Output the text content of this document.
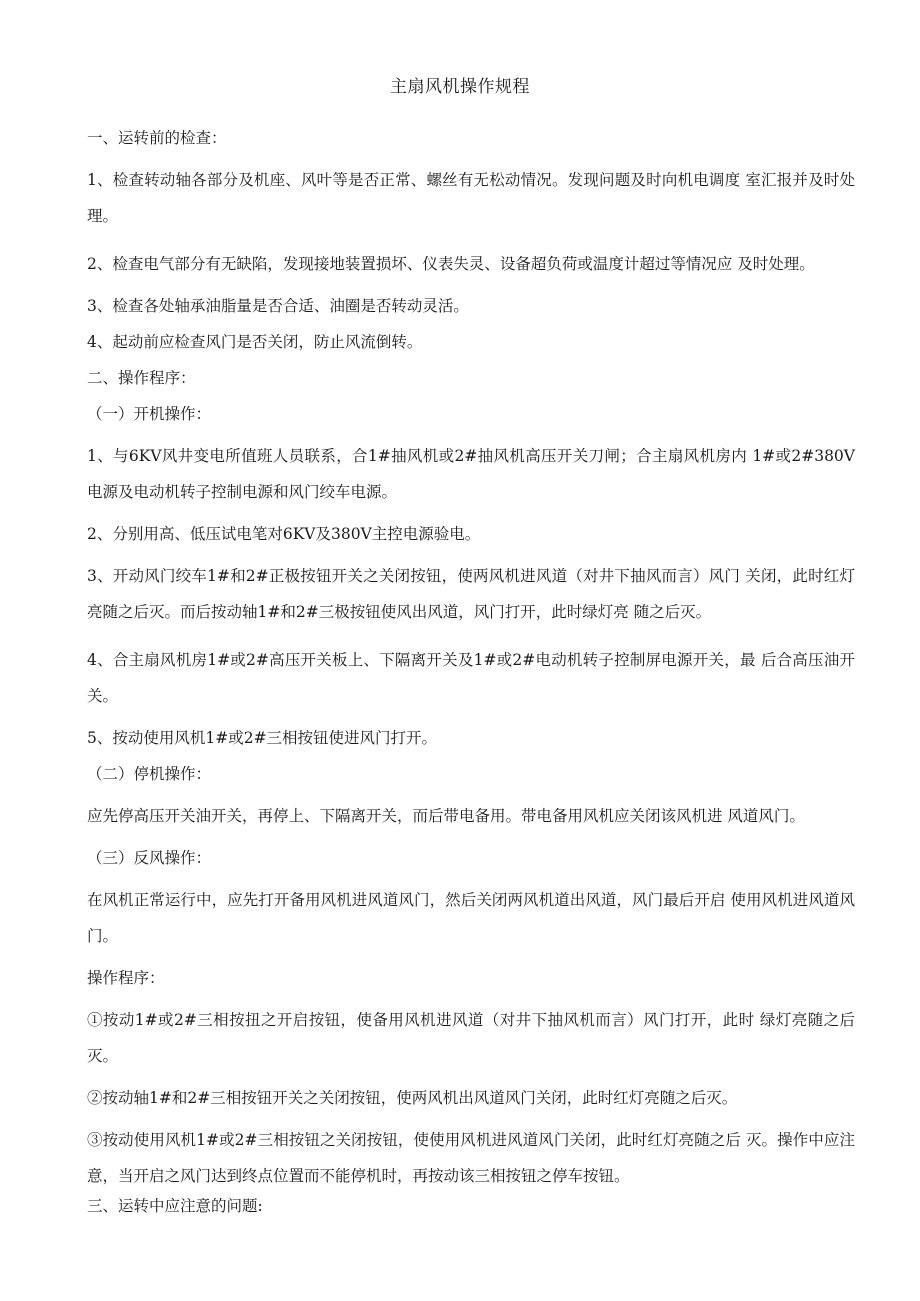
主扇风机操作规程

一、运转前的检查：

1、检查转动轴各部分及机座、风叶等是否正常、螺丝有无松动情况。发现问题及时向机电调度 室汇报并及时处理。

2、检查电气部分有无缺陷，发现接地装置损坏、仪表失灵、设备超负荷或温度计超过等情况应 及时处理。

3、检查各处轴承油脂量是否合适、油圈是否转动灵活。

4、起动前应检查风门是否关闭，防止风流倒转。

二、操作程序：

（一）开机操作：

1、与6KV风井变电所值班人员联系，合1#抽风机或2#抽风机高压开关刀闸；合主扇风机房内 1#或2#380V电源及电动机转子控制电源和风门绞车电源。

2、分别用高、低压试电笔对6KV及380V主控电源验电。

3、开动风门绞车1#和2#正极按钮开关之关闭按钮，使两风机进风道（对井下抽风而言）风门 关闭，此时红灯亮随之后灭。而后按动轴1#和2#三极按钮使风出风道，风门打开，此时绿灯亮 随之后灭。

4、合主扇风机房1#或2#高压开关板上、下隔离开关及1#或2#电动机转子控制屏电源开关，最 后合高压油开关。

5、按动使用风机1#或2#三相按钮使进风门打开。

（二）停机操作：

应先停高压开关油开关，再停上、下隔离开关，而后带电备用。带电备用风机应关闭该风机进 风道风门。

（三）反风操作：

在风机正常运行中，应先打开备用风机进风道风门，然后关闭两风机道出风道，风门最后开启 使用风机进风道风门。

操作程序：

①按动1#或2#三相按扭之开启按钮，使备用风机进风道（对井下抽风机而言）风门打开，此时 绿灯亮随之后灭。

②按动轴1#和2#三相按钮开关之关闭按钮，使两风机出风道风门关闭，此时红灯亮随之后灭。

③按动使用风机1#或2#三相按钮之关闭按钮，使使用风机进风道风门关闭，此时红灯亮随之后 灭。操作中应注意，当开启之风门达到终点位置而不能停机时，再按动该三相按钮之停车按钮。

三、运转中应注意的问题:
